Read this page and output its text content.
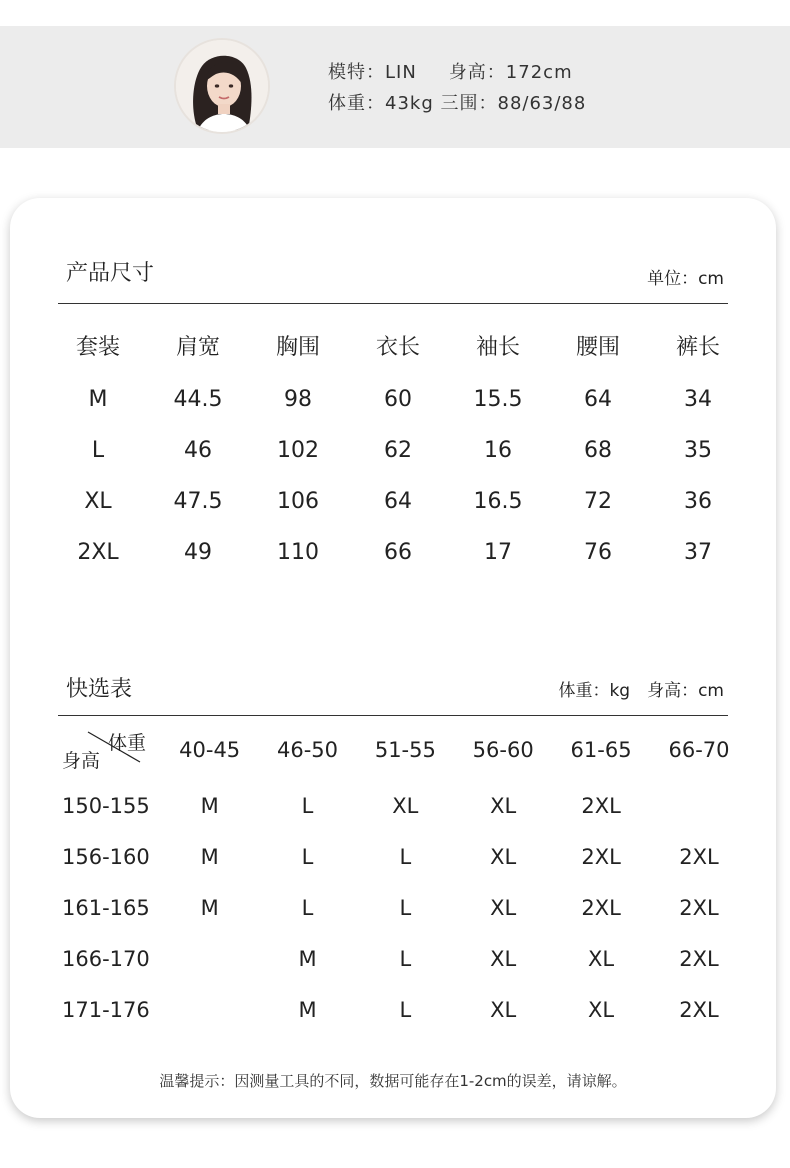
模特：LIN 身高：172cm
体重：43kg 三围：88/63/88
产品尺寸	单位：cm
套装	肩宽	胸围	衣长	袖长	腰围	裤长
M	44.5	98	60	15.5	64	34
L	46	102	62	16	68	35
XL	47.5	106	64	16.5	72	36
2XL	49	110	66	17	76	37
快选表	体重：kg　身高：cm
体重
身高	40-45	46-50	51-55	56-60	61-65	66-70
150-155	M	L	XL	XL	2XL	
156-160	M	L	L	XL	2XL	2XL
161-165	M	L	L	XL	2XL	2XL
166-170		M	L	XL	XL	2XL
171-176		M	L	XL	XL	2XL
温馨提示：因测量工具的不同，数据可能存在1-2cm的误差，请谅解。
